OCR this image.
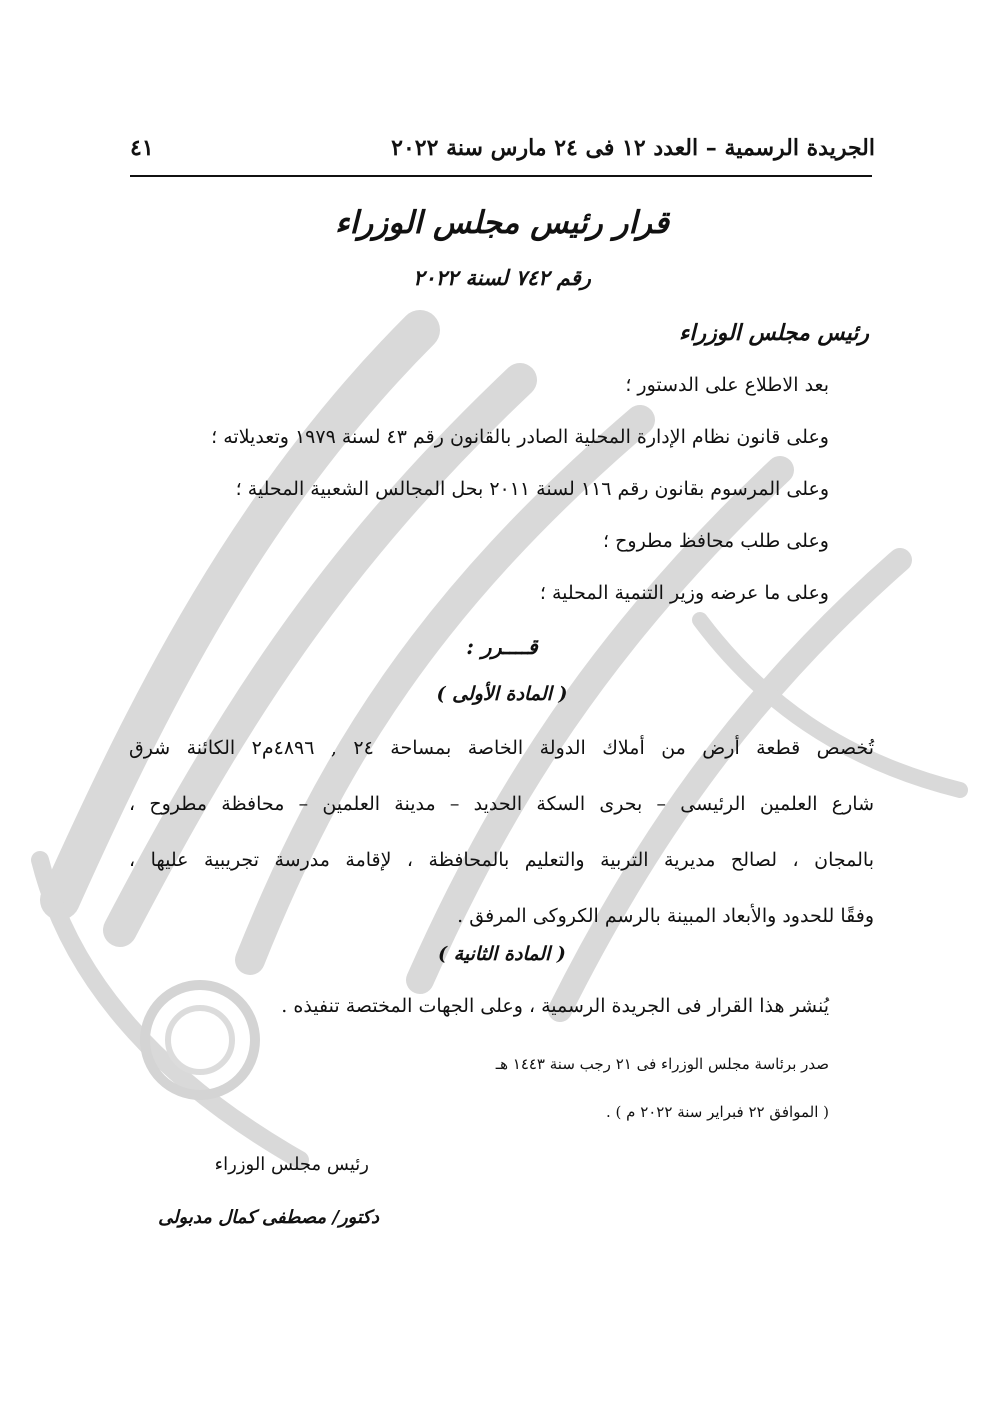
الجريدة الرسمية – العدد ١٢ فى ٢٤ مارس سنة ٢٠٢٢
٤١
قرار رئيس مجلس الوزراء
رقم ٧٤٢ لسنة ٢٠٢٢
رئيس مجلس الوزراء
بعد الاطلاع على الدستور ؛
وعلى قانون نظام الإدارة المحلية الصادر بالقانون رقم ٤٣ لسنة ١٩٧٩ وتعديلاته ؛
وعلى المرسوم بقانون رقم ١١٦ لسنة ٢٠١١ بحل المجالس الشعبية المحلية ؛
وعلى طلب محافظ مطروح ؛
وعلى ما عرضه وزير التنمية المحلية ؛
قــــرر :
( المادة الأولى )
تُخصص قطعة أرض من أملاك الدولة الخاصة بمساحة ٢٤ , ٤٨٩٦م٢ الكائنة شرق
شارع العلمين الرئيسى – بحرى السكة الحديد – مدينة العلمين – محافظة مطروح ،
بالمجان ، لصالح مديرية التربية والتعليم بالمحافظة ، لإقامة مدرسة تجريبية عليها ،
وفقًا للحدود والأبعاد المبينة بالرسم الكروكى المرفق .
( المادة الثانية )
يُنشر هذا القرار فى الجريدة الرسمية ، وعلى الجهات المختصة تنفيذه .
صدر برئاسة مجلس الوزراء فى ٢١ رجب سنة ١٤٤٣ هـ
( الموافق ٢٢ فبراير سنة ٢٠٢٢ م ) .
رئيس مجلس الوزراء
دكتور/ مصطفى كمال مدبولى
